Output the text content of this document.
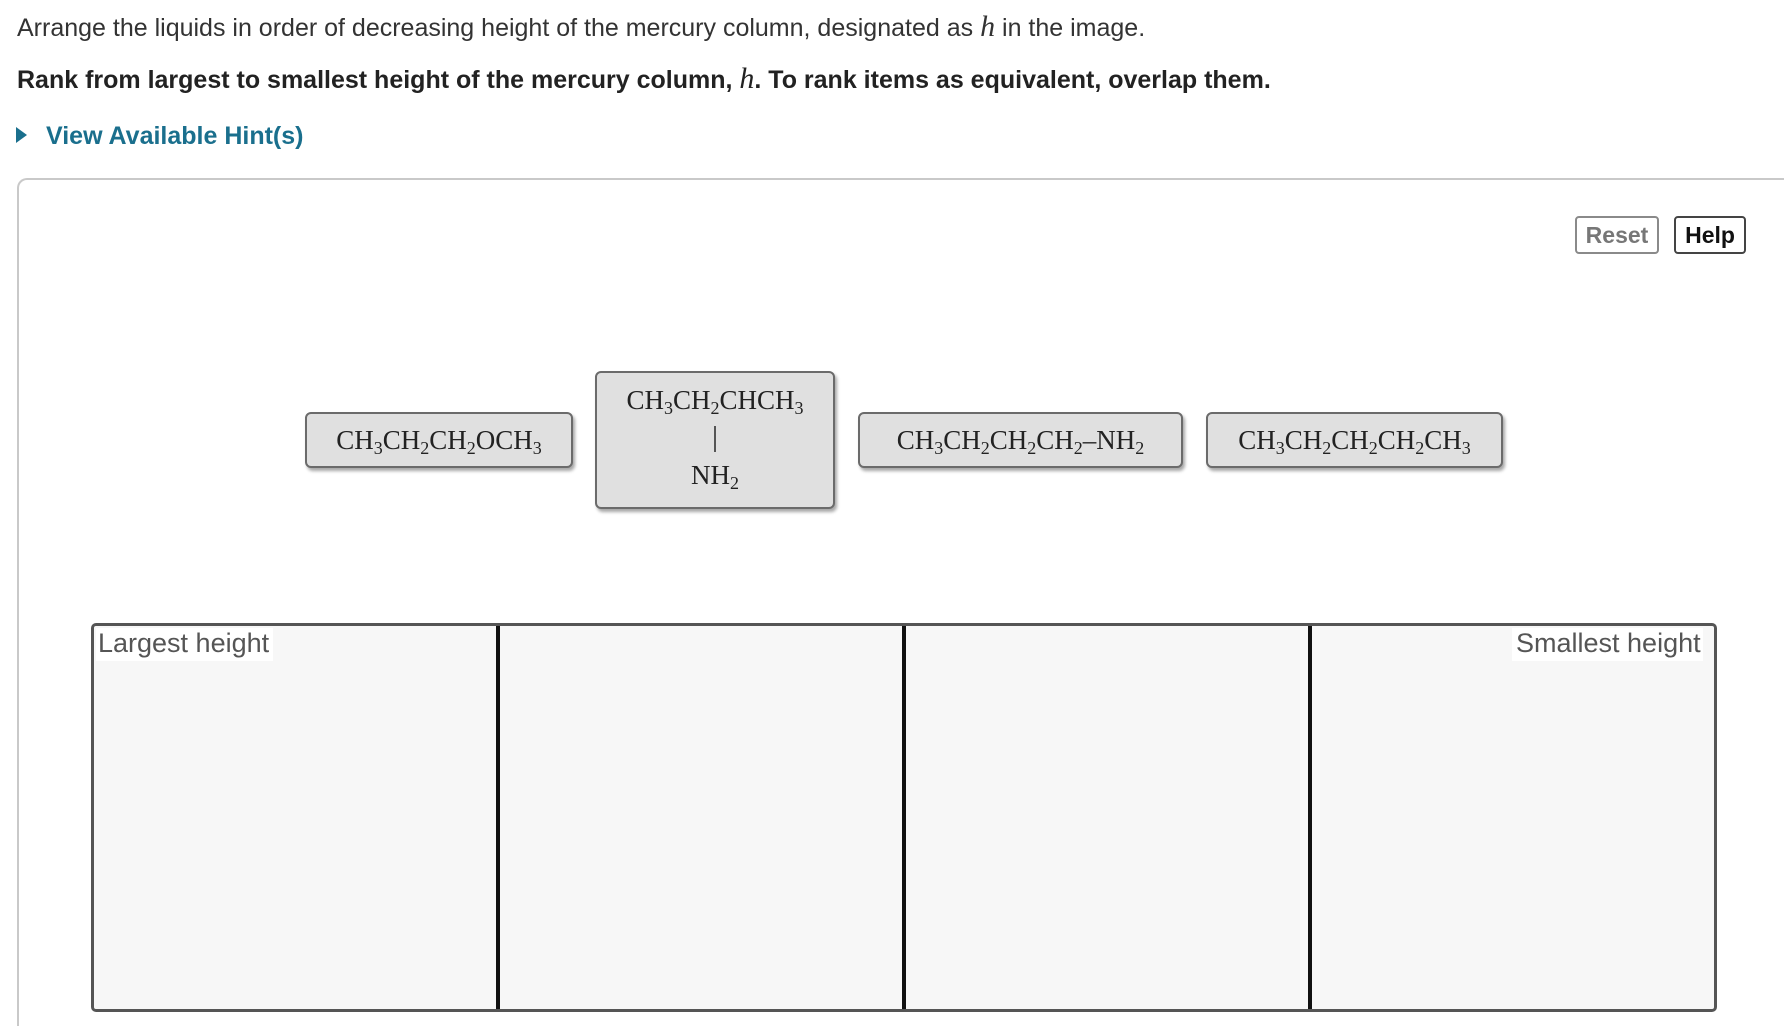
Arrange the liquids in order of decreasing height of the mercury column, designated as h in the image.
Rank from largest to smallest height of the mercury column, h. To rank items as equivalent, overlap them.
View Available Hint(s)
Reset	Help
$CH_3CH_2CH_2OCH_3$
$CH_3CH_2CHCH_3$
$NH_2$
$CH_3CH_2CH_2CH_2-NH_2$	$CH_3CH_2CH_2CH_2CH_3$
Largest height	Smallest height
